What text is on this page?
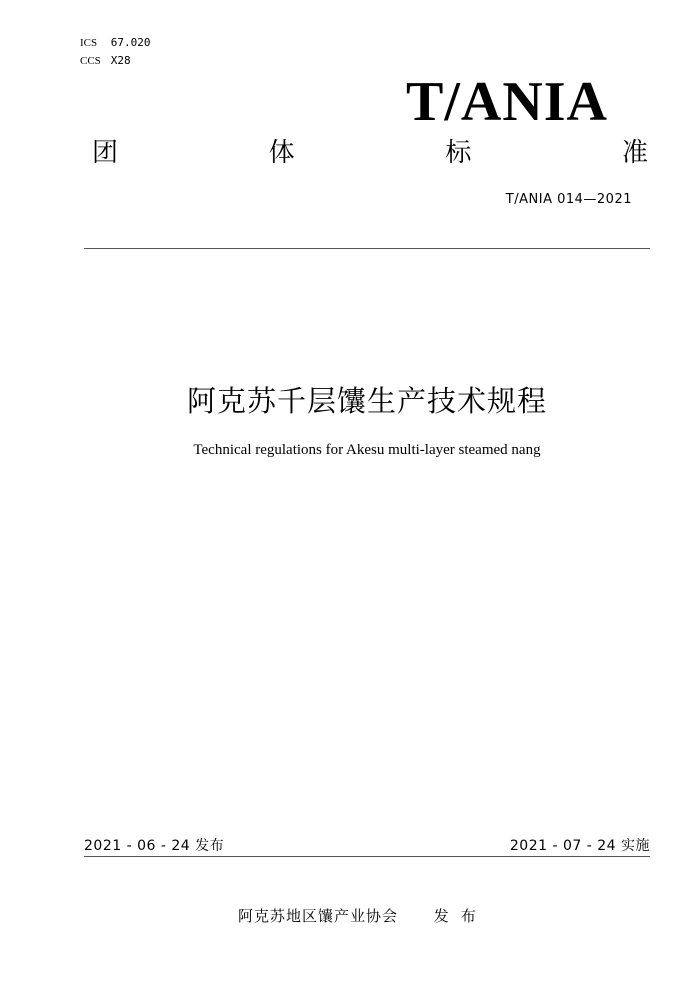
ICS 67.020
CCS X28
T/ANIA
团	体	标	准
T/ANIA 014—2021
阿克苏千层馕生产技术规程
Technical regulations for Akesu multi-layer steamed nang
2021 - 06 - 24 发布	2021 - 07 - 24 实施
阿克苏地区馕产业协会 发布
